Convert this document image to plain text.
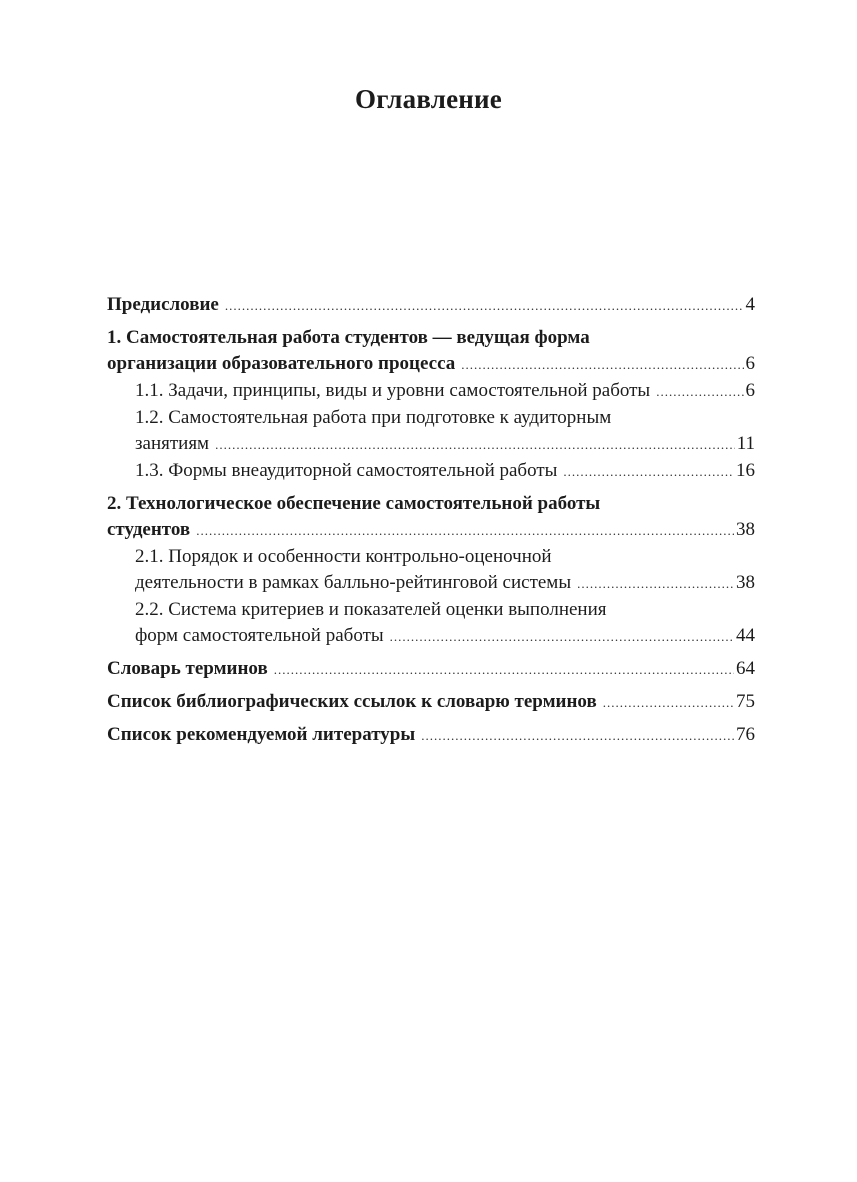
Оглавление
Предисловие .....	4
1. Самостоятельная работа студентов — ведущая форма
организации образовательного процесса .....	6
1.1. Задачи, принципы, виды и уровни самостоятельной работы .....	6
1.2. Самостоятельная работа при подготовке к аудиторным
занятиям .....	11
1.3. Формы внеаудиторной самостоятельной работы .....	16
2. Технологическое обеспечение самостоятельной работы
студентов .....	38
2.1. Порядок и особенности контрольно-оценочной
деятельности в рамках балльно-рейтинговой системы .....	38
2.2. Система критериев и показателей оценки выполнения
форм самостоятельной работы .....	44
Словарь терминов .....	64
Список библиографических ссылок к словарю терминов .....	75
Список рекомендуемой литературы .....	76
